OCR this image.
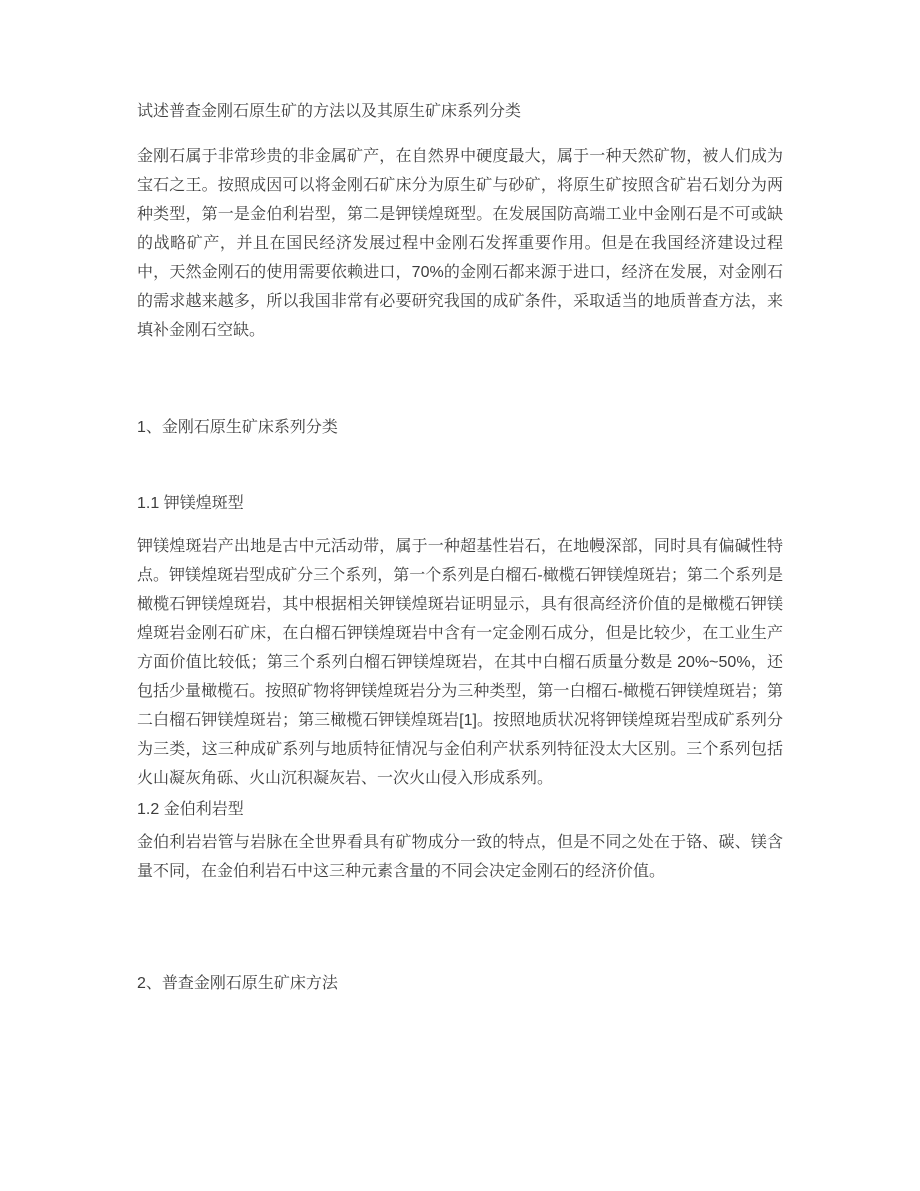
试述普查金刚石原生矿的方法以及其原生矿床系列分类

金刚石属于非常珍贵的非金属矿产，在自然界中硬度最大，属于一种天然矿物，被人们成为宝石之王。按照成因可以将金刚石矿床分为原生矿与砂矿，将原生矿按照含矿岩石划分为两种类型，第一是金伯利岩型，第二是钾镁煌斑型。在发展国防高端工业中金刚石是不可或缺的战略矿产，并且在国民经济发展过程中金刚石发挥重要作用。但是在我国经济建设过程中，天然金刚石的使用需要依赖进口，70%的金刚石都来源于进口，经济在发展，对金刚石的需求越来越多，所以我国非常有必要研究我国的成矿条件，采取适当的地质普查方法，来填补金刚石空缺。

1、金刚石原生矿床系列分类
1.1 钾镁煌斑型

钾镁煌斑岩产出地是古中元活动带，属于一种超基性岩石，在地幔深部，同时具有偏碱性特点。钾镁煌斑岩型成矿分三个系列，第一个系列是白榴石-橄榄石钾镁煌斑岩；第二个系列是橄榄石钾镁煌斑岩，其中根据相关钾镁煌斑岩证明显示，具有很高经济价值的是橄榄石钾镁煌斑岩金刚石矿床，在白榴石钾镁煌斑岩中含有一定金刚石成分，但是比较少，在工业生产方面价值比较低；第三个系列白榴石钾镁煌斑岩，在其中白榴石质量分数是 20%~50%，还包括少量橄榄石。按照矿物将钾镁煌斑岩分为三种类型，第一白榴石-橄榄石钾镁煌斑岩；第二白榴石钾镁煌斑岩；第三橄榄石钾镁煌斑岩[1]。按照地质状况将钾镁煌斑岩型成矿系列分为三类，这三种成矿系列与地质特征情况与金伯利产状系列特征没太大区别。三个系列包括火山凝灰角砾、火山沉积凝灰岩、一次火山侵入形成系列。

1.2 金伯利岩型

金伯利岩岩管与岩脉在全世界看具有矿物成分一致的特点，但是不同之处在于铬、碳、镁含量不同，在金伯利岩石中这三种元素含量的不同会决定金刚石的经济价值。

2、普查金刚石原生矿床方法
